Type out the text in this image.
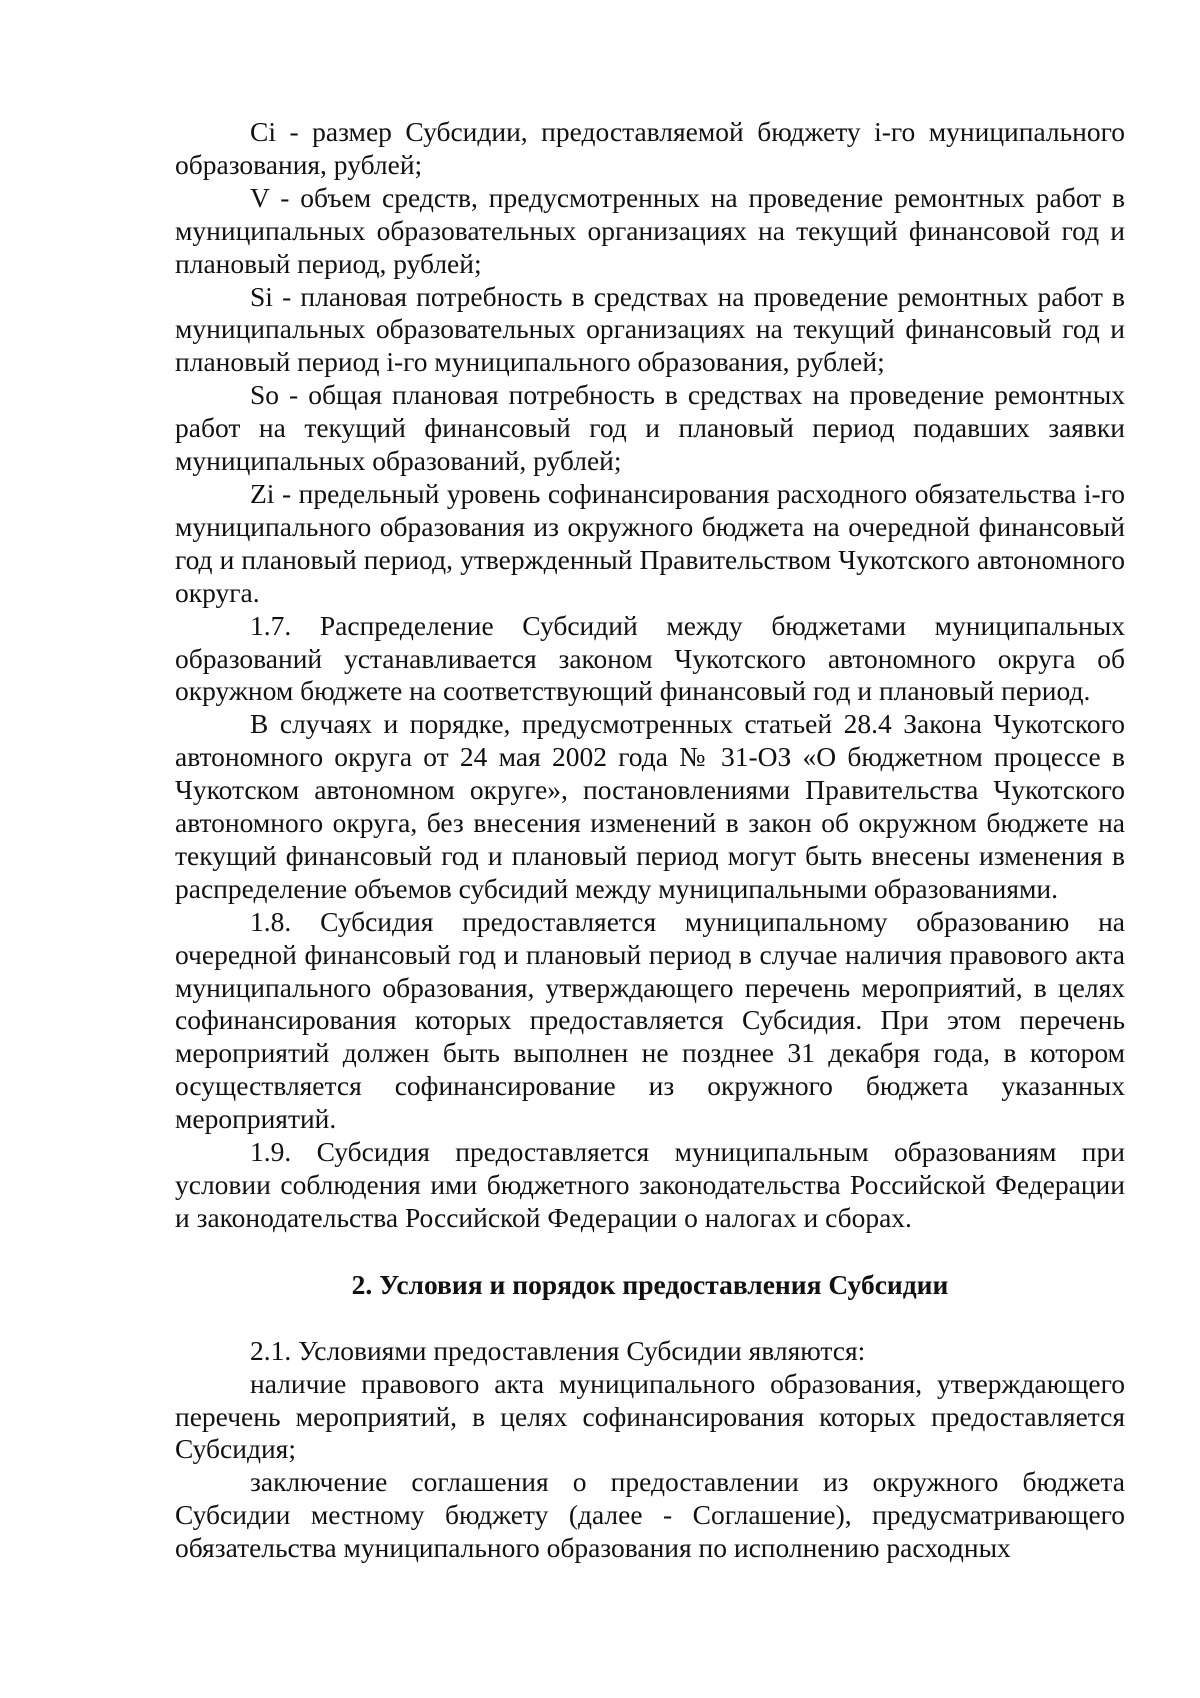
Ci - размер Субсидии, предоставляемой бюджету i-го муниципального образования, рублей;

V - объем средств, предусмотренных на проведение ремонтных работ в муниципальных образовательных организациях на текущий финансовой год и плановый период, рублей;

Si - плановая потребность в средствах на проведение ремонтных работ в муниципальных образовательных организациях на текущий финансовый год и плановый период i-го муниципального образования, рублей;

So - общая плановая потребность в средствах на проведение ремонтных работ на текущий финансовый год и плановый период подавших заявки муниципальных образований, рублей;

Zi - предельный уровень софинансирования расходного обязательства i-го муниципального образования из окружного бюджета на очередной финансовый год и плановый период, утвержденный Правительством Чукотского автономного округа.

1.7. Распределение Субсидий между бюджетами муниципальных образований устанавливается законом Чукотского автономного округа об окружном бюджете на соответствующий финансовый год и плановый период.

В случаях и порядке, предусмотренных статьей 28.4 Закона Чукотского автономного округа от 24 мая 2002 года № 31-ОЗ «О бюджетном процессе в Чукотском автономном округе», постановлениями Правительства Чукотского автономного округа, без внесения изменений в закон об окружном бюджете на текущий финансовый год и плановый период могут быть внесены изменения в распределение объемов субсидий между муниципальными образованиями.

1.8. Субсидия предоставляется муниципальному образованию на очередной финансовый год и плановый период в случае наличия правового акта муниципального образования, утверждающего перечень мероприятий, в целях софинансирования которых предоставляется Субсидия. При этом перечень мероприятий должен быть выполнен не позднее 31 декабря года, в котором осуществляется софинансирование из окружного бюджета указанных мероприятий.

1.9. Субсидия предоставляется муниципальным образованиям при условии соблюдения ими бюджетного законодательства Российской Федерации и законодательства Российской Федерации о налогах и сборах.

2. Условия и порядок предоставления Субсидии

2.1. Условиями предоставления Субсидии являются:

наличие правового акта муниципального образования, утверждающего перечень мероприятий, в целях софинансирования которых предоставляется Субсидия;

заключение соглашения о предоставлении из окружного бюджета Субсидии местному бюджету (далее - Соглашение), предусматривающего обязательства муниципального образования по исполнению расходных
